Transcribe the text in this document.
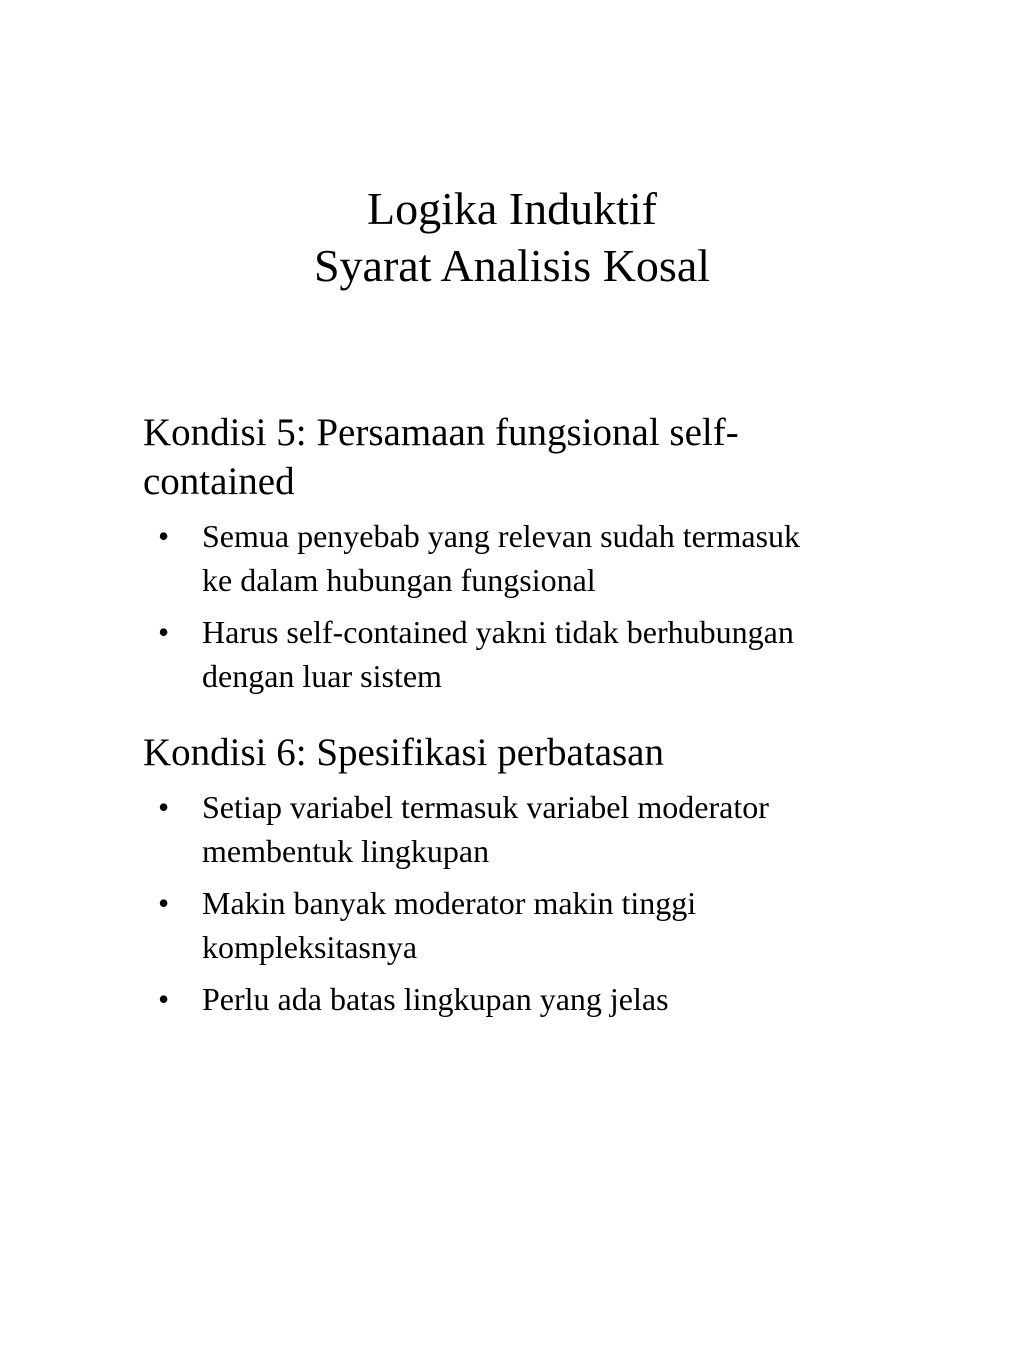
Logika Induktif
Syarat Analisis Kosal
Kondisi 5: Persamaan fungsional self-
contained
• Semua penyebab yang relevan sudah termasuk
ke dalam hubungan fungsional
• Harus self-contained yakni tidak berhubungan
dengan luar sistem
Kondisi 6: Spesifikasi perbatasan
• Setiap variabel termasuk variabel moderator
membentuk lingkupan
• Makin banyak moderator makin tinggi
kompleksitasnya
• Perlu ada batas lingkupan yang jelas
